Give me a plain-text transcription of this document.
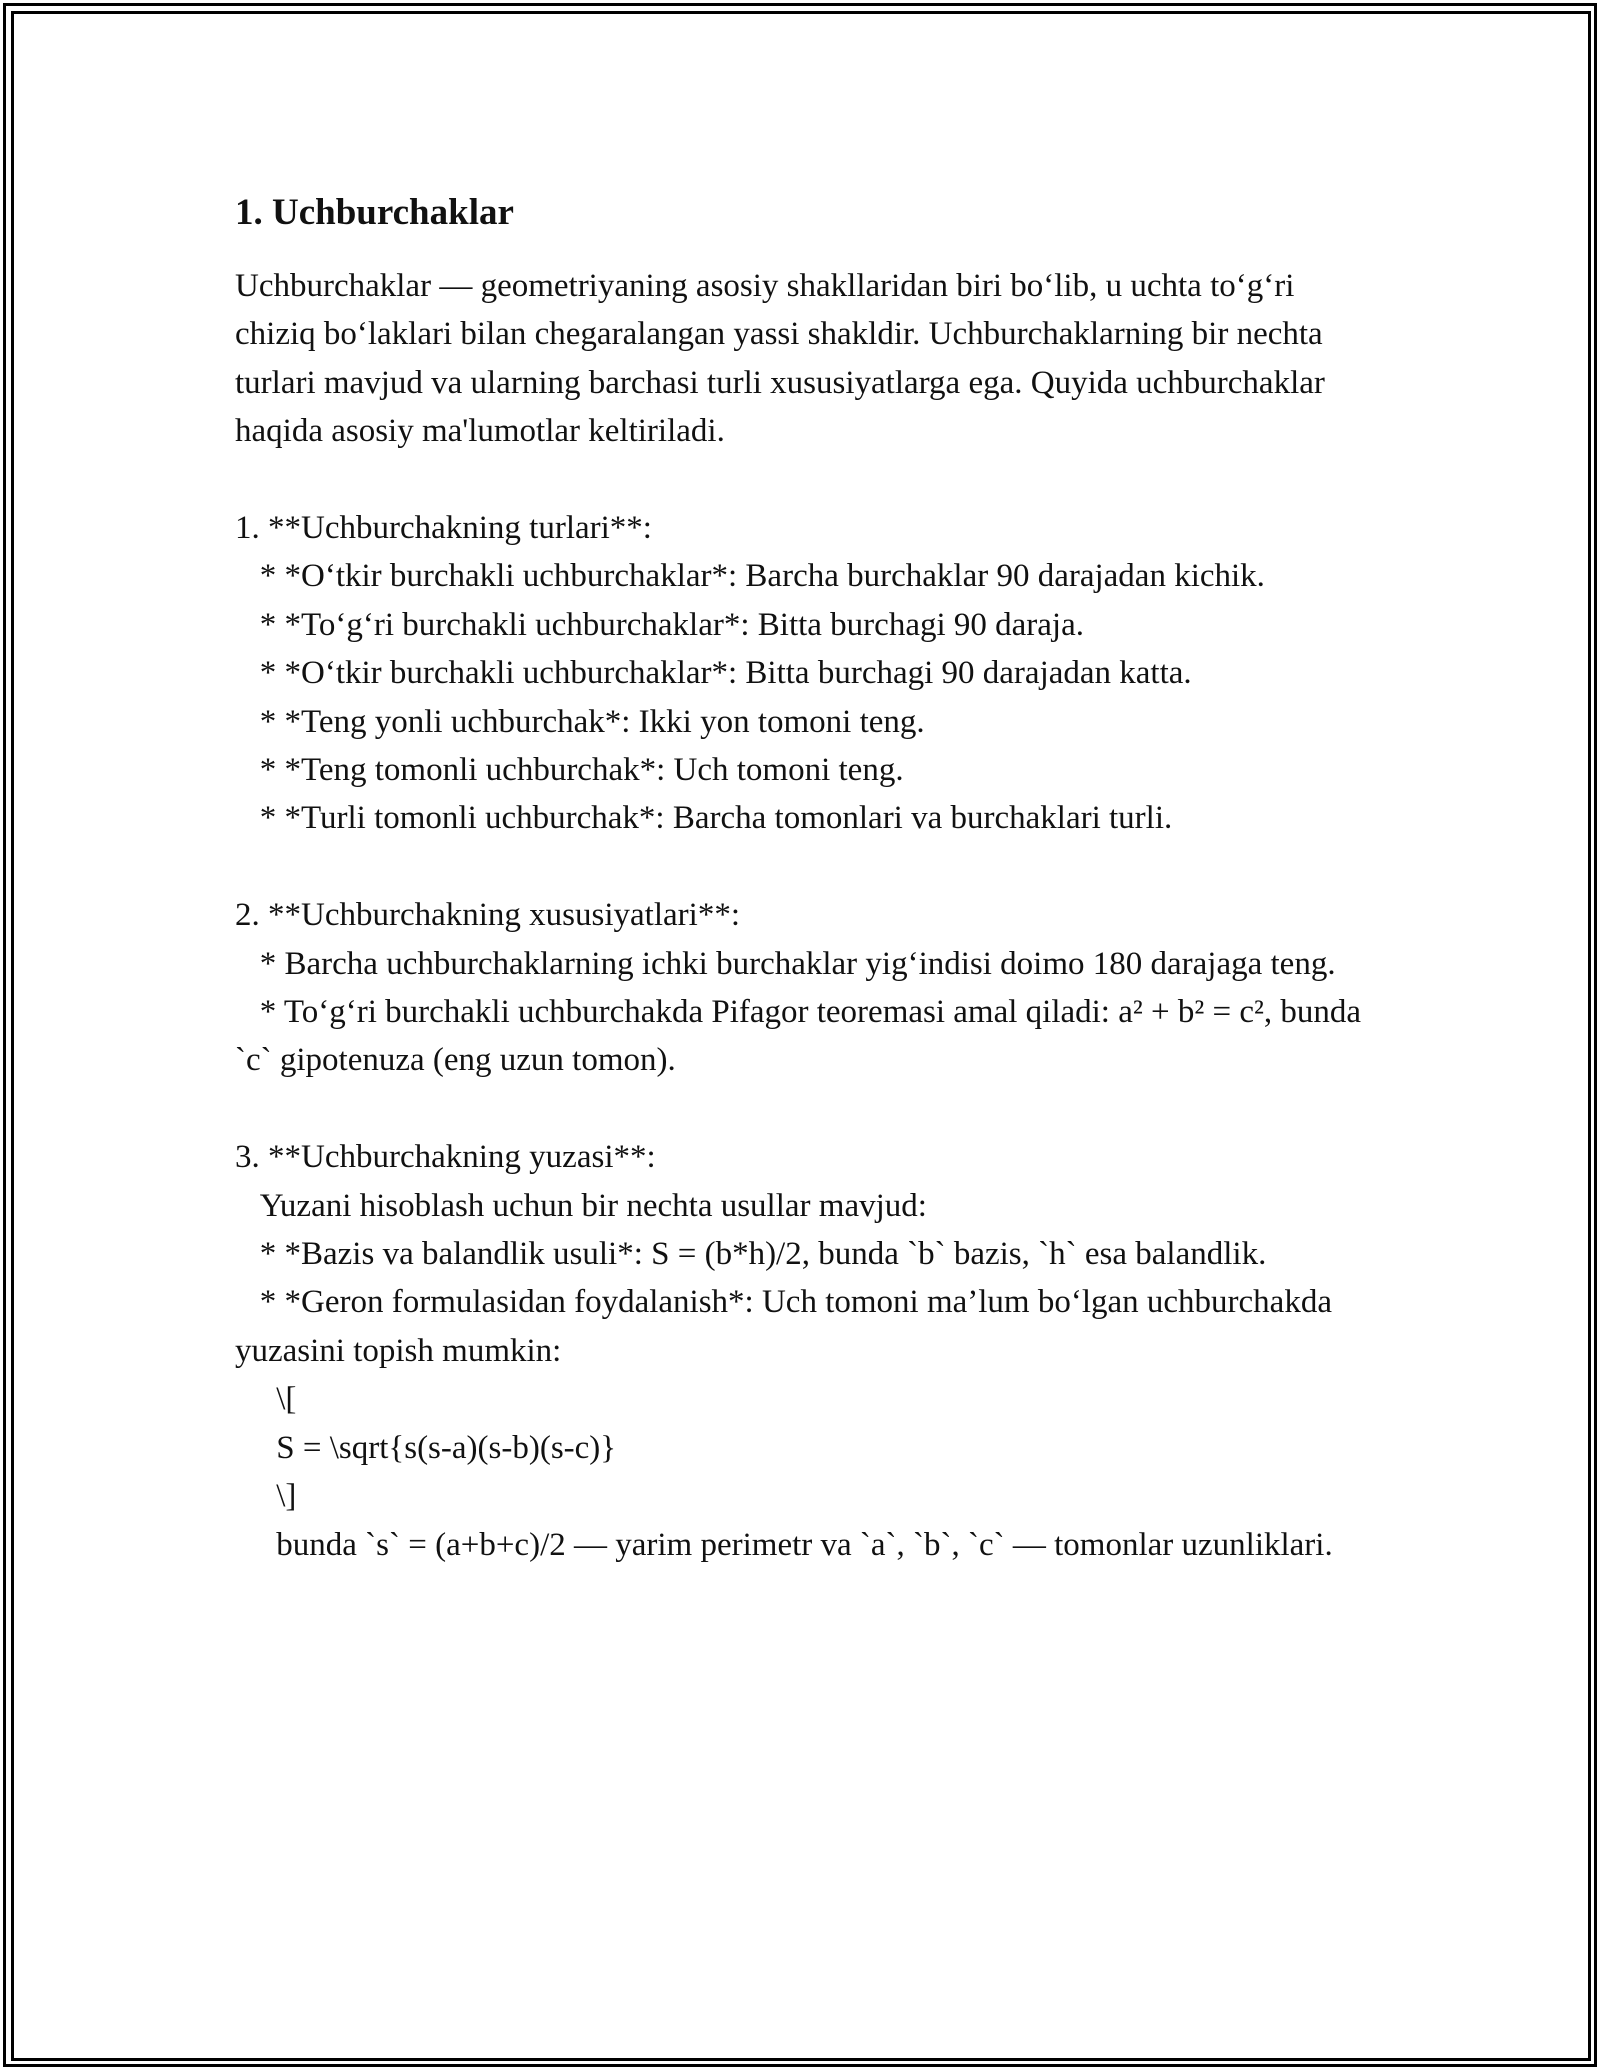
1. Uchburchaklar

Uchburchaklar — geometriyaning asosiy shakllaridan biri bo‘lib, u uchta to‘g‘ri chiziq bo‘laklari bilan chegaralangan yassi shakldir. Uchburchaklarning bir nechta turlari mavjud va ularning barchasi turli xususiyatlarga ega. Quyida uchburchaklar haqida asosiy ma'lumotlar keltiriladi.

1. **Uchburchakning turlari**:

* *O‘tkir burchakli uchburchaklar*: Barcha burchaklar 90 darajadan kichik.

* *To‘g‘ri burchakli uchburchaklar*: Bitta burchagi 90 daraja.

* *O‘tkir burchakli uchburchaklar*: Bitta burchagi 90 darajadan katta.

* *Teng yonli uchburchak*: Ikki yon tomoni teng.

* *Teng tomonli uchburchak*: Uch tomoni teng.

* *Turli tomonli uchburchak*: Barcha tomonlari va burchaklari turli.

2. **Uchburchakning xususiyatlari**:

* Barcha uchburchaklarning ichki burchaklar yig‘indisi doimo 180 darajaga teng.

* To‘g‘ri burchakli uchburchakda Pifagor teoremasi amal qiladi: a² + b² = c², bunda `c` gipotenuza (eng uzun tomon).

3. **Uchburchakning yuzasi**:

Yuzani hisoblash uchun bir nechta usullar mavjud:

* *Bazis va balandlik usuli*: S = (b*h)/2, bunda `b` bazis, `h` esa balandlik.

* *Geron formulasidan foydalanish*: Uch tomoni ma’lum bo‘lgan uchburchakda yuzasini topish mumkin:

\[

S = \sqrt{s(s-a)(s-b)(s-c)}

\]

bunda `s` = (a+b+c)/2 — yarim perimetr va `a`, `b`, `c` — tomonlar uzunliklari.
